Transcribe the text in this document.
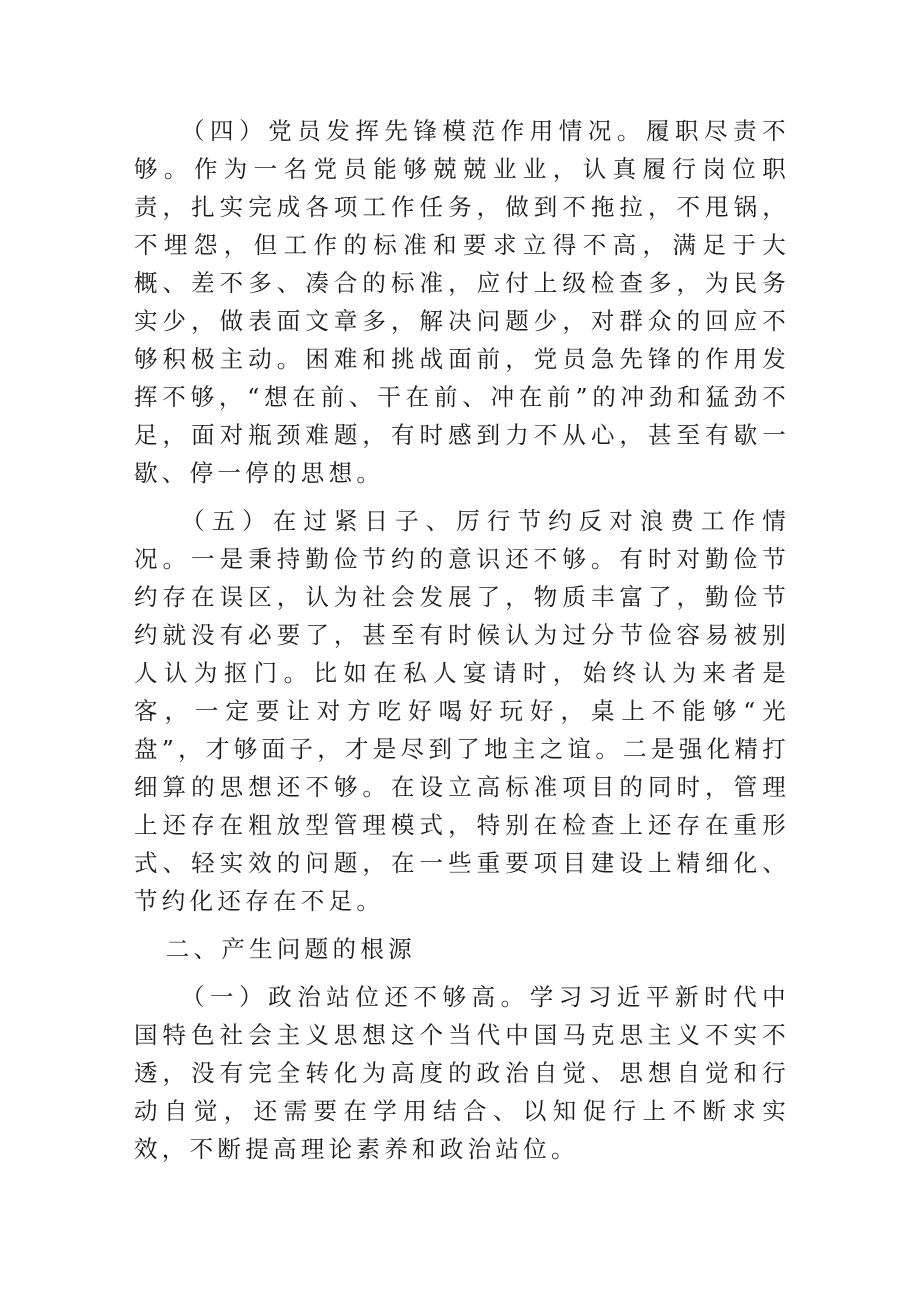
（四）党员发挥先锋模范作用情况。履职尽责不够。作为一名党员能够兢兢业业，认真履行岗位职责，扎实完成各项工作任务，做到不拖拉，不甩锅，不埋怨，但工作的标准和要求立得不高，满足于大概、差不多、凑合的标准，应付上级检查多，为民务实少，做表面文章多，解决问题少，对群众的回应不够积极主动。困难和挑战面前，党员急先锋的作用发挥不够，“想在前、干在前、冲在前”的冲劲和猛劲不足，面对瓶颈难题，有时感到力不从心，甚至有歇一歇、停一停的思想。

（五）在过紧日子、厉行节约反对浪费工作情况。一是秉持勤俭节约的意识还不够。有时对勤俭节约存在误区，认为社会发展了，物质丰富了，勤俭节约就没有必要了，甚至有时候认为过分节俭容易被别人认为抠门。比如在私人宴请时，始终认为来者是客，一定要让对方吃好喝好玩好，桌上不能够“光盘”，才够面子，才是尽到了地主之谊。二是强化精打细算的思想还不够。在设立高标准项目的同时，管理上还存在粗放型管理模式，特别在检查上还存在重形式、轻实效的问题，在一些重要项目建设上精细化、节约化还存在不足。

二、产生问题的根源

（一）政治站位还不够高。学习习近平新时代中国特色社会主义思想这个当代中国马克思主义不实不透，没有完全转化为高度的政治自觉、思想自觉和行动自觉，还需要在学用结合、以知促行上不断求实效，不断提高理论素养和政治站位。
